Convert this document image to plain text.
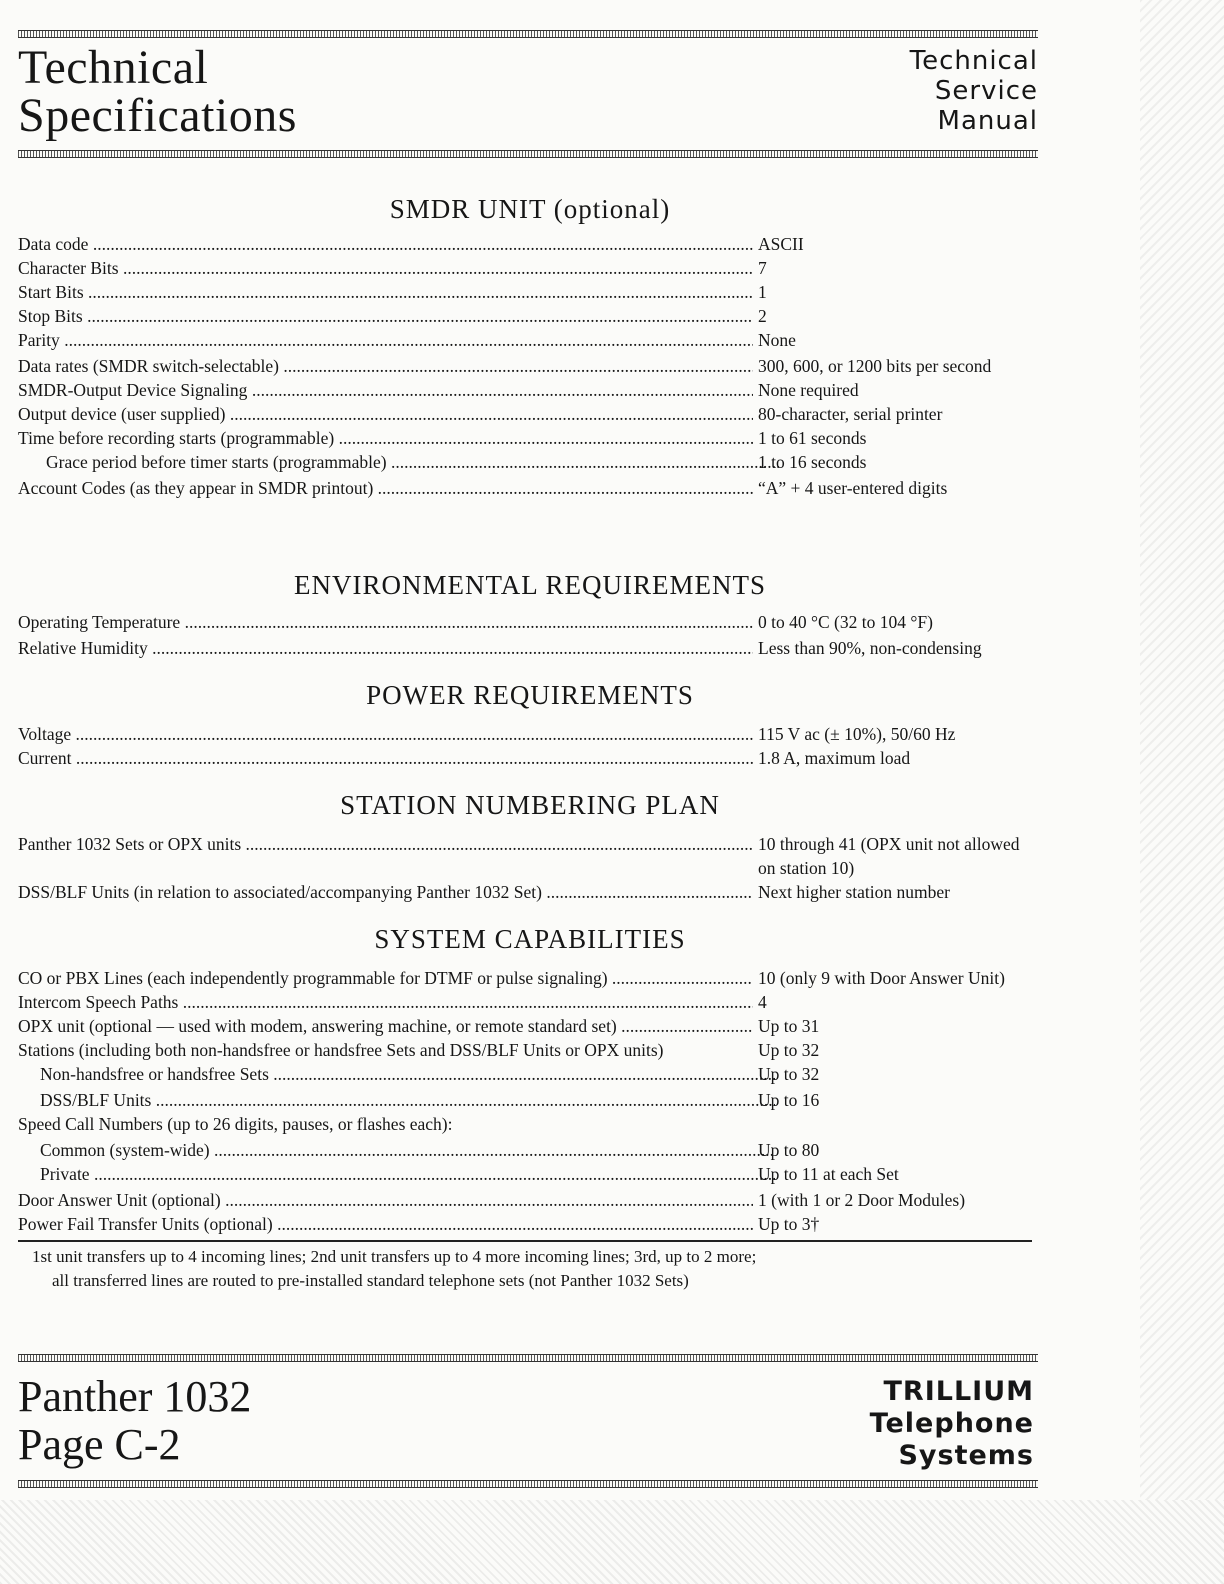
Technical
Specifications
Technical
Service
Manual
SMDR UNIT (optional)
Data code .....	ASCII
Character Bits .....	7
Start Bits .....	1
Stop Bits .....	2
Parity .....	None
Data rates (SMDR switch-selectable) .....	300, 600, or 1200 bits per second
SMDR-Output Device Signaling .....	None required
Output device (user supplied) .....	80-character, serial printer
Time before recording starts (programmable) .....	1 to 61 seconds
Grace period before timer starts (programmable) .....	1 to 16 seconds
Account Codes (as they appear in SMDR printout) .....	“A” + 4 user-entered digits
ENVIRONMENTAL REQUIREMENTS
Operating Temperature .....	0 to 40 °C (32 to 104 °F)
Relative Humidity .....	Less than 90%, non-condensing
POWER REQUIREMENTS
Voltage .....	115 V ac (± 10%), 50/60 Hz
Current .....	1.8 A, maximum load
STATION NUMBERING PLAN
Panther 1032 Sets or OPX units .....	10 through 41 (OPX unit not allowed on station 10)
DSS/BLF Units (in relation to associated/accompanying Panther 1032 Set) .....	Next higher station number
SYSTEM CAPABILITIES
CO or PBX Lines (each independently programmable for DTMF or pulse signaling) .....	10 (only 9 with Door Answer Unit)
Intercom Speech Paths .....	4
OPX unit (optional — used with modem, answering machine, or remote standard set) .....	Up to 31
Stations (including both non-handsfree or handsfree Sets and DSS/BLF Units or OPX units)	Up to 32
Non-handsfree or handsfree Sets .....	Up to 32
DSS/BLF Units .....	Up to 16
Speed Call Numbers (up to 26 digits, pauses, or flashes each):
Common (system-wide) .....	Up to 80
Private .....	Up to 11 at each Set
Door Answer Unit (optional) .....	1 (with 1 or 2 Door Modules)
Power Fail Transfer Units (optional) .....	Up to 3†
1st unit transfers up to 4 incoming lines; 2nd unit transfers up to 4 more incoming lines; 3rd, up to 2 more;
all transferred lines are routed to pre-installed standard telephone sets (not Panther 1032 Sets)
Panther 1032
Page C-2
TRILLIUM
Telephone
Systems
